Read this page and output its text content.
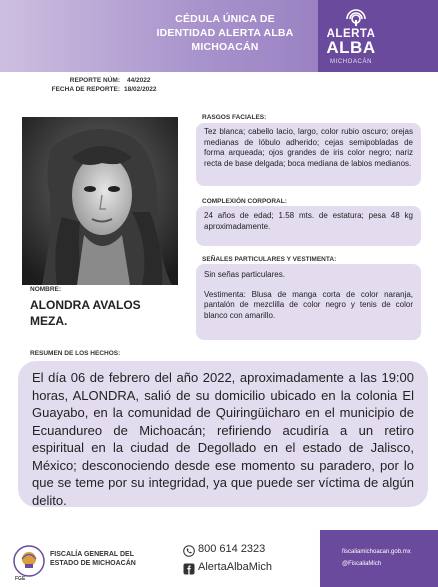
CÉDULA ÚNICA DE
IDENTIDAD ALERTA ALBA
MICHOACÁN
ALERTA
ALBA
MICHOACÁN
REPORTE NÚM: 44/2022
FECHA DE REPORTE: 18/02/2022
RASGOS FACIALES:

Tez blanca; cabello lacio, largo, color rubio oscuro; orejas medianas de lóbulo adherido; cejas semipobladas de forma arqueada; ojos grandes de iris color negro; nariz recta de base delgada; boca mediana de labios medianos.

COMPLEXIÓN CORPORAL:

24 años de edad; 1.58 mts. de estatura; pesa 48 kg aproximadamente.

SEÑALES PARTICULARES Y VESTIMENTA:

Sin señas particulares.

Vestimenta: Blusa de manga corta de color naranja, pantalón de mezclilla de color negro y tenis de color blanco con amarillo.

NOMBRE:
ALONDRA AVALOS
MEZA.
RESUMEN DE LOS HECHOS:

El día 06 de febrero del año 2022, aproximadamente a las 19:00 horas, ALONDRA, salió de su domicilio ubicado en la colonia El Guayabo, en la comunidad de Quiringüicharo en el municipio de Ecuandureo de Michoacán; refiriendo acudiría a un retiro espiritual en la ciudad de Degollado en el estado de Jalisco, México; desconociendo desde ese momento su paradero, por lo que se teme por su integridad, ya que puede ser víctima de algún delito.

FGE
FISCALÍA GENERAL DEL
ESTADO DE MICHOACÁN
800 614 2323
AlertaAlbaMich
fiscaliamichoacan.gob.mx
@FiscaliaMich
